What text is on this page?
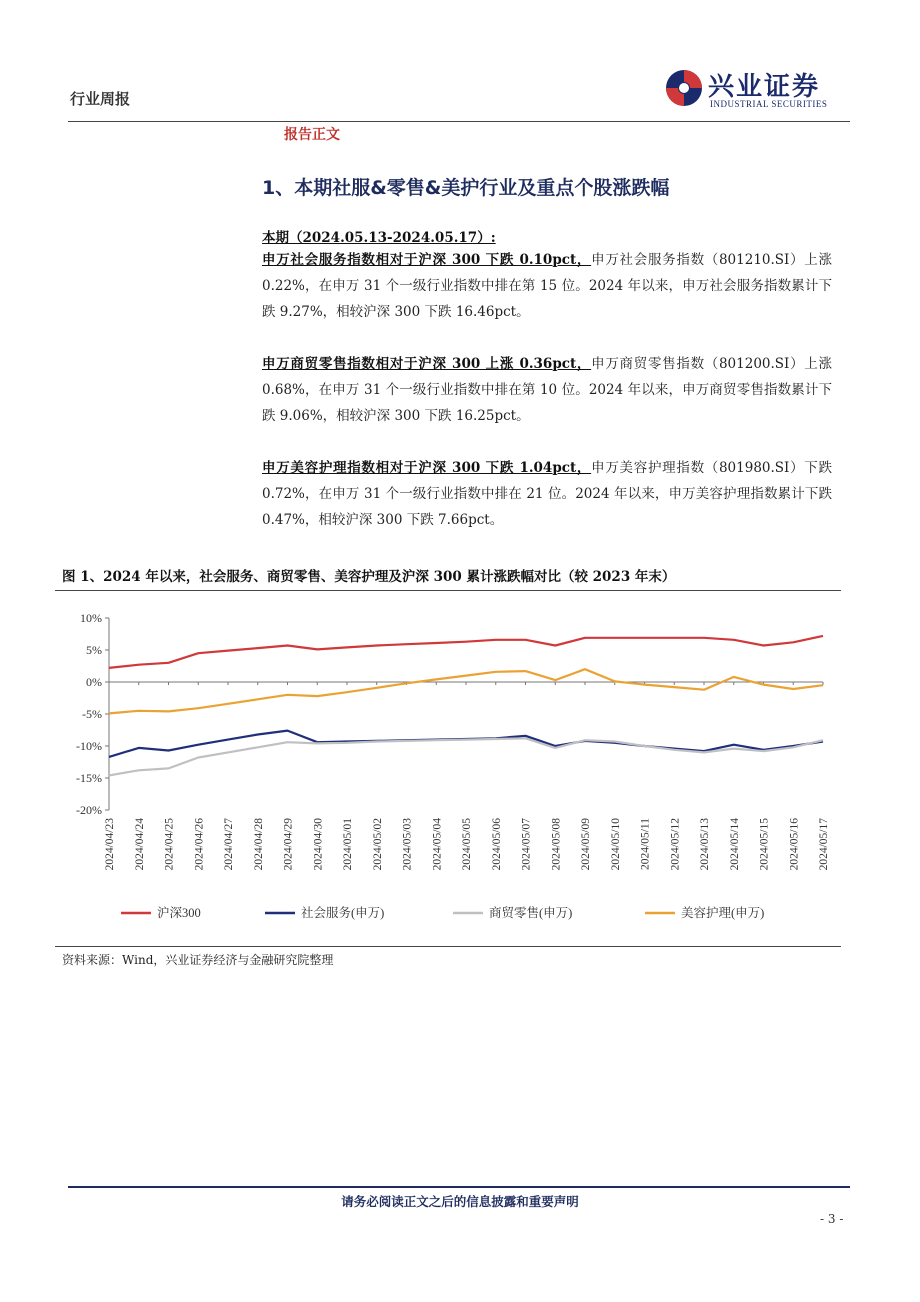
行业周报	兴业证券
INDUSTRIAL SECURITIES
报告正文
1、本期社服&零售&美护行业及重点个股涨跌幅
本期（2024.05.13-2024.05.17）:
申万社会服务指数相对于沪深 300 下跌 0.10pct，申万社会服务指数（801210.SI）上涨 0.22%，在申万 31 个一级行业指数中排在第 15 位。2024 年以来，申万社会服务指数累计下跌 9.27%，相较沪深 300 下跌 16.46pct。
申万商贸零售指数相对于沪深 300 上涨 0.36pct，申万商贸零售指数（801200.SI）上涨 0.68%，在申万 31 个一级行业指数中排在第 10 位。2024 年以来，申万商贸零售指数累计下跌 9.06%，相较沪深 300 下跌 16.25pct。
申万美容护理指数相对于沪深 300 下跌 1.04pct，申万美容护理指数（801980.SI）下跌 0.72%，在申万 31 个一级行业指数中排在 21 位。2024 年以来，申万美容护理指数累计下跌 0.47%，相较沪深 300 下跌 7.66pct。
图 1、2024 年以来，社会服务、商贸零售、美容护理及沪深 300 累计涨跌幅对比（较 2023 年末）
10%
5%
0%
-5%
-10%
-15%
-20%
2024/04/23 2024/04/24 2024/04/25 2024/04/26 2024/04/27 2024/04/28 2024/04/29 2024/04/30 2024/05/01 2024/05/02 2024/05/03 2024/05/04 2024/05/05 2024/05/06 2024/05/07 2024/05/08 2024/05/09 2024/05/10 2024/05/11 2024/05/12 2024/05/13 2024/05/14 2024/05/15 2024/05/16 2024/05/17
沪深300	社会服务(申万)	商贸零售(申万)	美容护理(申万)
资料来源：Wind，兴业证券经济与金融研究院整理
请务必阅读正文之后的信息披露和重要声明
- 3 -
